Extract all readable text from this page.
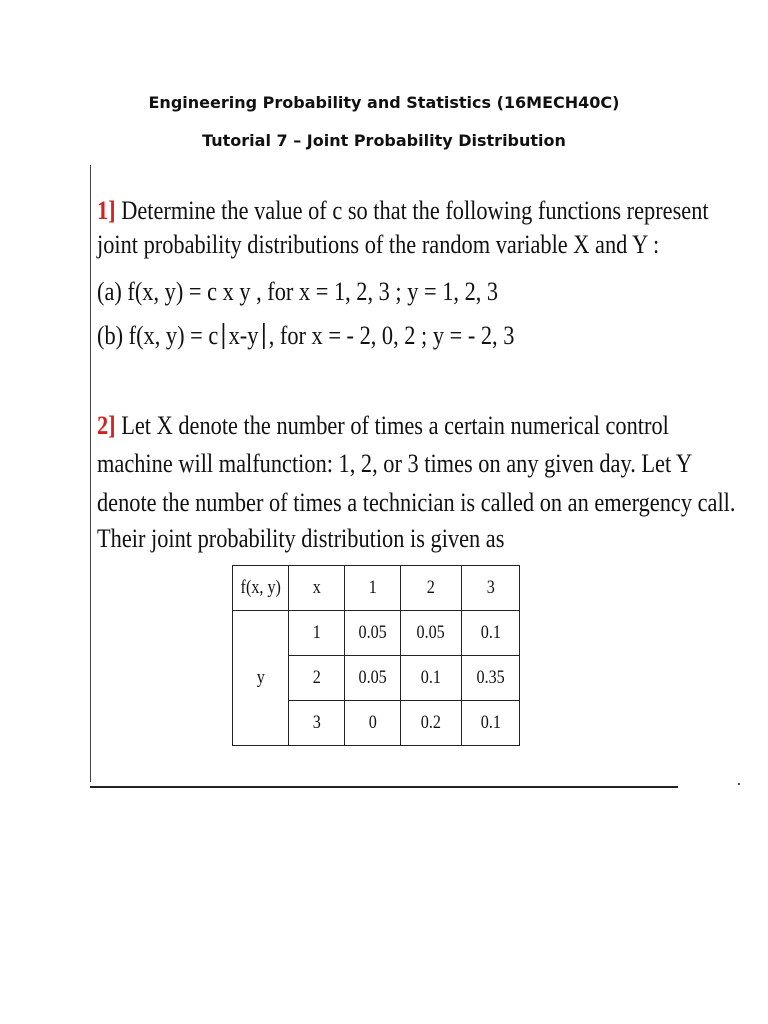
Engineering Probability and Statistics (16MECH40C)
Tutorial 7 – Joint Probability Distribution
1] Determine the value of c so that the following functions represent
joint probability distributions of the random variable X and Y :
(a) f(x, y) = c x y , for x = 1, 2, 3 ; y = 1, 2, 3
(b) f(x, y) = c x-y , for x = - 2, 0, 2 ; y = - 2, 3
2] Let X denote the number of times a certain numerical control
machine will malfunction: 1, 2, or 3 times on any given day. Let Y
denote the number of times a technician is called on an emergency call.
Their joint probability distribution is given as
f(x, y)	x	1	2	3
y	1	0.05	0.05	0.1
	2	0.05	0.1	0.35
	3	0	0.2	0.1
